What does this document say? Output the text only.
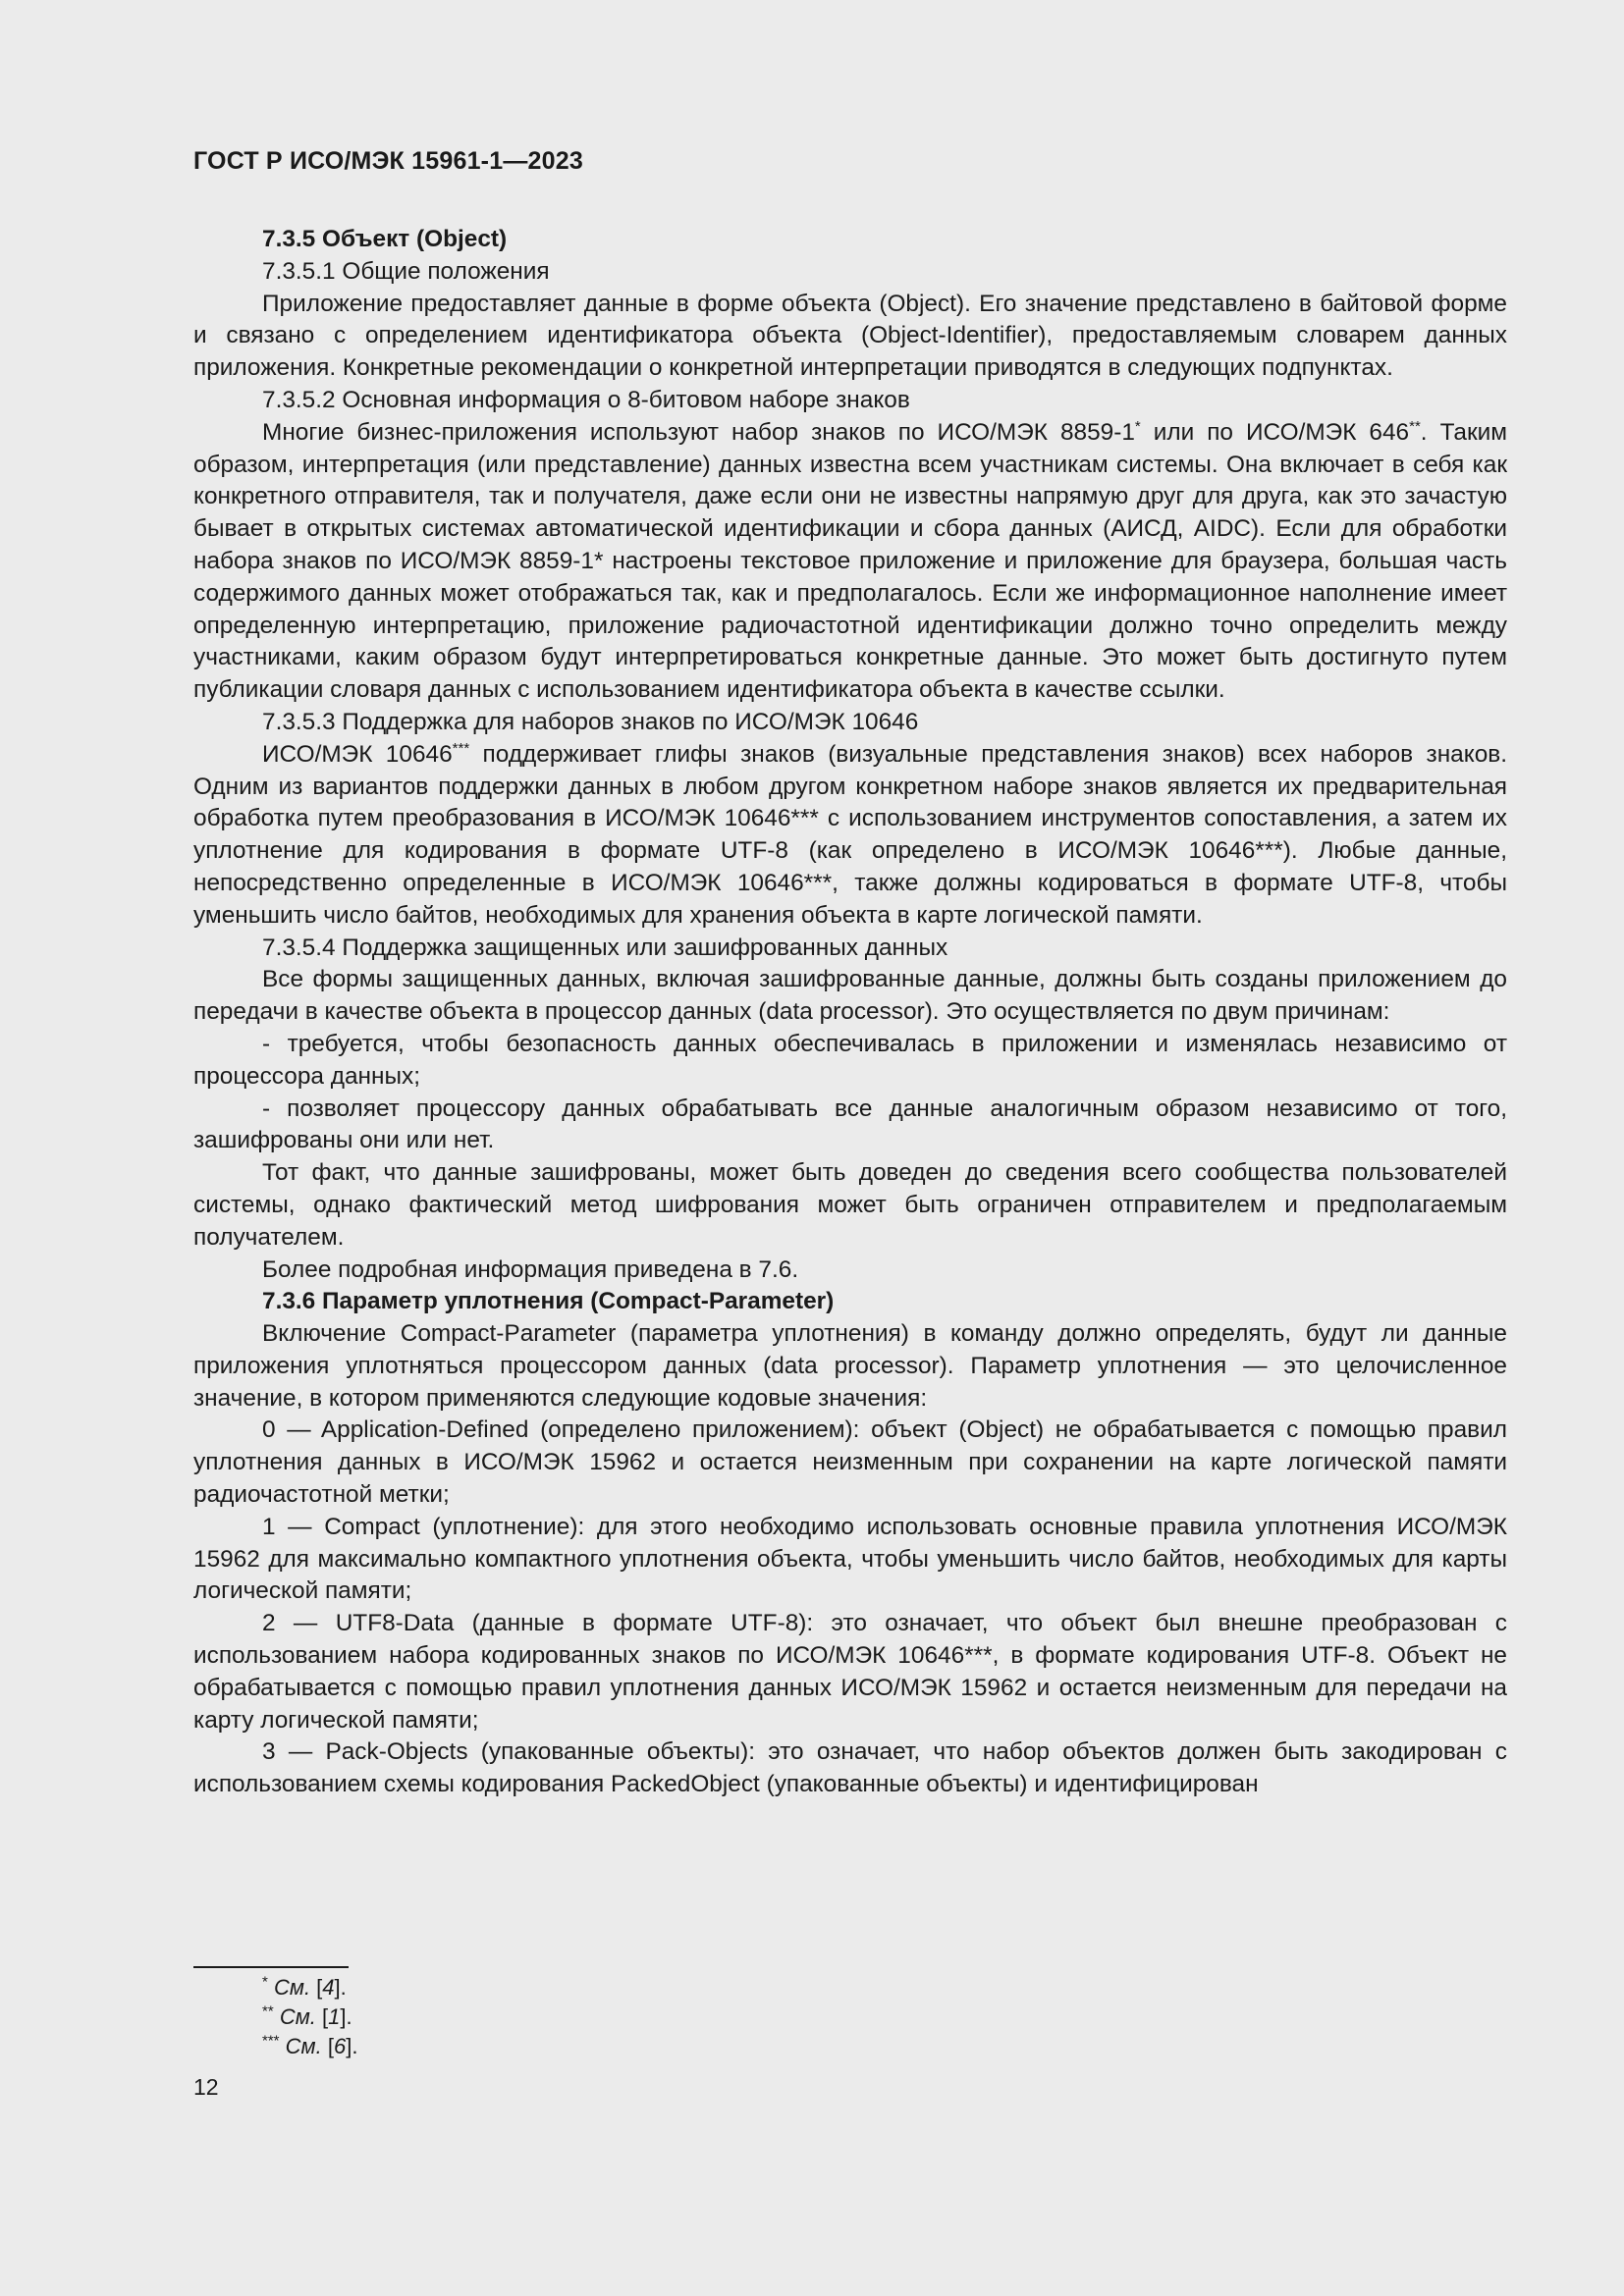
ГОСТ Р ИСО/МЭК 15961-1—2023

7.3.5 Объект (Object)

7.3.5.1 Общие положения

Приложение предоставляет данные в форме объекта (Object). Его значение представлено в байтовой форме и связано с определением идентификатора объекта (Object-Identifier), предоставляемым словарем данных приложения. Конкретные рекомендации о конкретной интерпретации приводятся в следующих подпунктах.

7.3.5.2 Основная информация о 8-битовом наборе знаков

Многие бизнес-приложения используют набор знаков по ИСО/МЭК 8859-1* или по ИСО/МЭК 646**. Таким образом, интерпретация (или представление) данных известна всем участникам системы. Она включает в себя как конкретного отправителя, так и получателя, даже если они не известны напрямую друг для друга, как это зачастую бывает в открытых системах автоматической идентификации и сбора данных (АИСД, AIDC). Если для обработки набора знаков по ИСО/МЭК 8859-1* настроены текстовое приложение и приложение для браузера, большая часть содержимого данных может отображаться так, как и предполагалось. Если же информационное наполнение имеет определенную интерпретацию, приложение радиочастотной идентификации должно точно определить между участниками, каким образом будут интерпретироваться конкретные данные. Это может быть достигнуто путем публикации словаря данных с использованием идентификатора объекта в качестве ссылки.

7.3.5.3 Поддержка для наборов знаков по ИСО/МЭК 10646

ИСО/МЭК 10646*** поддерживает глифы знаков (визуальные представления знаков) всех наборов знаков. Одним из вариантов поддержки данных в любом другом конкретном наборе знаков является их предварительная обработка путем преобразования в ИСО/МЭК 10646*** с использованием инструментов сопоставления, а затем их уплотнение для кодирования в формате UTF-8 (как определено в ИСО/МЭК 10646***). Любые данные, непосредственно определенные в ИСО/МЭК 10646***, также должны кодироваться в формате UTF-8, чтобы уменьшить число байтов, необходимых для хранения объекта в карте логической памяти.

7.3.5.4 Поддержка защищенных или зашифрованных данных

Все формы защищенных данных, включая зашифрованные данные, должны быть созданы приложением до передачи в качестве объекта в процессор данных (data processor). Это осуществляется по двум причинам:

- требуется, чтобы безопасность данных обеспечивалась в приложении и изменялась независимо от процессора данных;

- позволяет процессору данных обрабатывать все данные аналогичным образом независимо от того, зашифрованы они или нет.

Тот факт, что данные зашифрованы, может быть доведен до сведения всего сообщества пользователей системы, однако фактический метод шифрования может быть ограничен отправителем и предполагаемым получателем.

Более подробная информация приведена в 7.6.

7.3.6 Параметр уплотнения (Compact-Parameter)

Включение Compact-Parameter (параметра уплотнения) в команду должно определять, будут ли данные приложения уплотняться процессором данных (data processor). Параметр уплотнения — это целочисленное значение, в котором применяются следующие кодовые значения:

0 — Application-Defined (определено приложением): объект (Object) не обрабатывается с помощью правил уплотнения данных в ИСО/МЭК 15962 и остается неизменным при сохранении на карте логической памяти радиочастотной метки;

1 — Compact (уплотнение): для этого необходимо использовать основные правила уплотнения ИСО/МЭК 15962 для максимально компактного уплотнения объекта, чтобы уменьшить число байтов, необходимых для карты логической памяти;

2 — UTF8-Data (данные в формате UTF-8): это означает, что объект был внешне преобразован с использованием набора кодированных знаков по ИСО/МЭК 10646***, в формате кодирования UTF-8. Объект не обрабатывается с помощью правил уплотнения данных ИСО/МЭК 15962 и остается неизменным для передачи на карту логической памяти;

3 — Pack-Objects (упакованные объекты): это означает, что набор объектов должен быть закодирован с использованием схемы кодирования PackedObject (упакованные объекты) и идентифицирован

* См. [4].

** См. [1].

*** См. [6].

12
